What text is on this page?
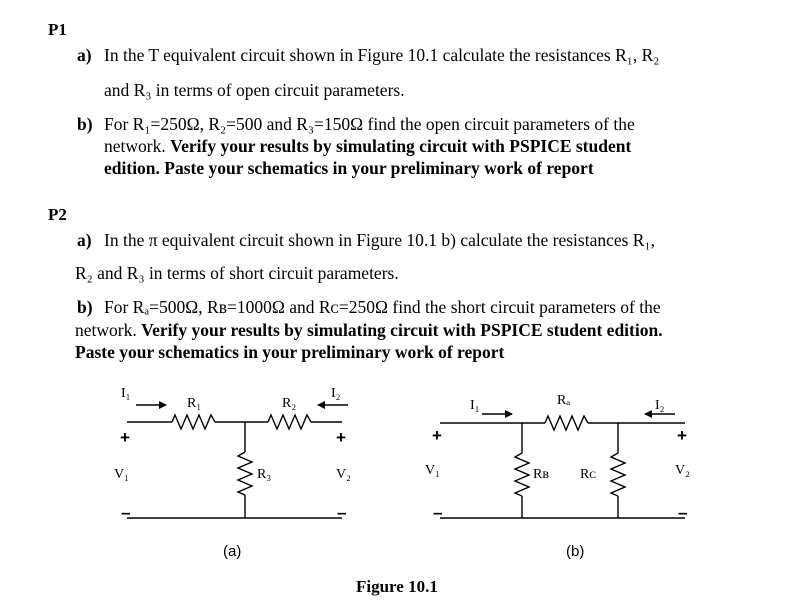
P1
a) In the T equivalent circuit shown in Figure 10.1 calculate the resistances R₁, R₂
and R₃ in terms of open circuit parameters.
b) For R₁=250Ω, R₂=500 and R₃=150Ω find the open circuit parameters of the
network. Verify your results by simulating circuit with PSPICE student
edition. Paste your schematics in your preliminary work of report
P2
a) In the π equivalent circuit shown in Figure 10.1 b) calculate the resistances R₁,
R₂ and R₃ in terms of short circuit parameters.
b) For Rₐ=500Ω, Rʙ=1000Ω and Rᴄ=250Ω find the short circuit parameters of the
network. Verify your results by simulating circuit with PSPICE student edition.
Paste your schematics in your preliminary work of report
I₁
R₁	R₂
I₂
R₃
+
V₁
–
+
V₂
–
(a)
I₁	Rₐ	I₂
Rʙ Rᴄ
+
V₁
–
+
V₂
–
(b)
Figure 10.1
